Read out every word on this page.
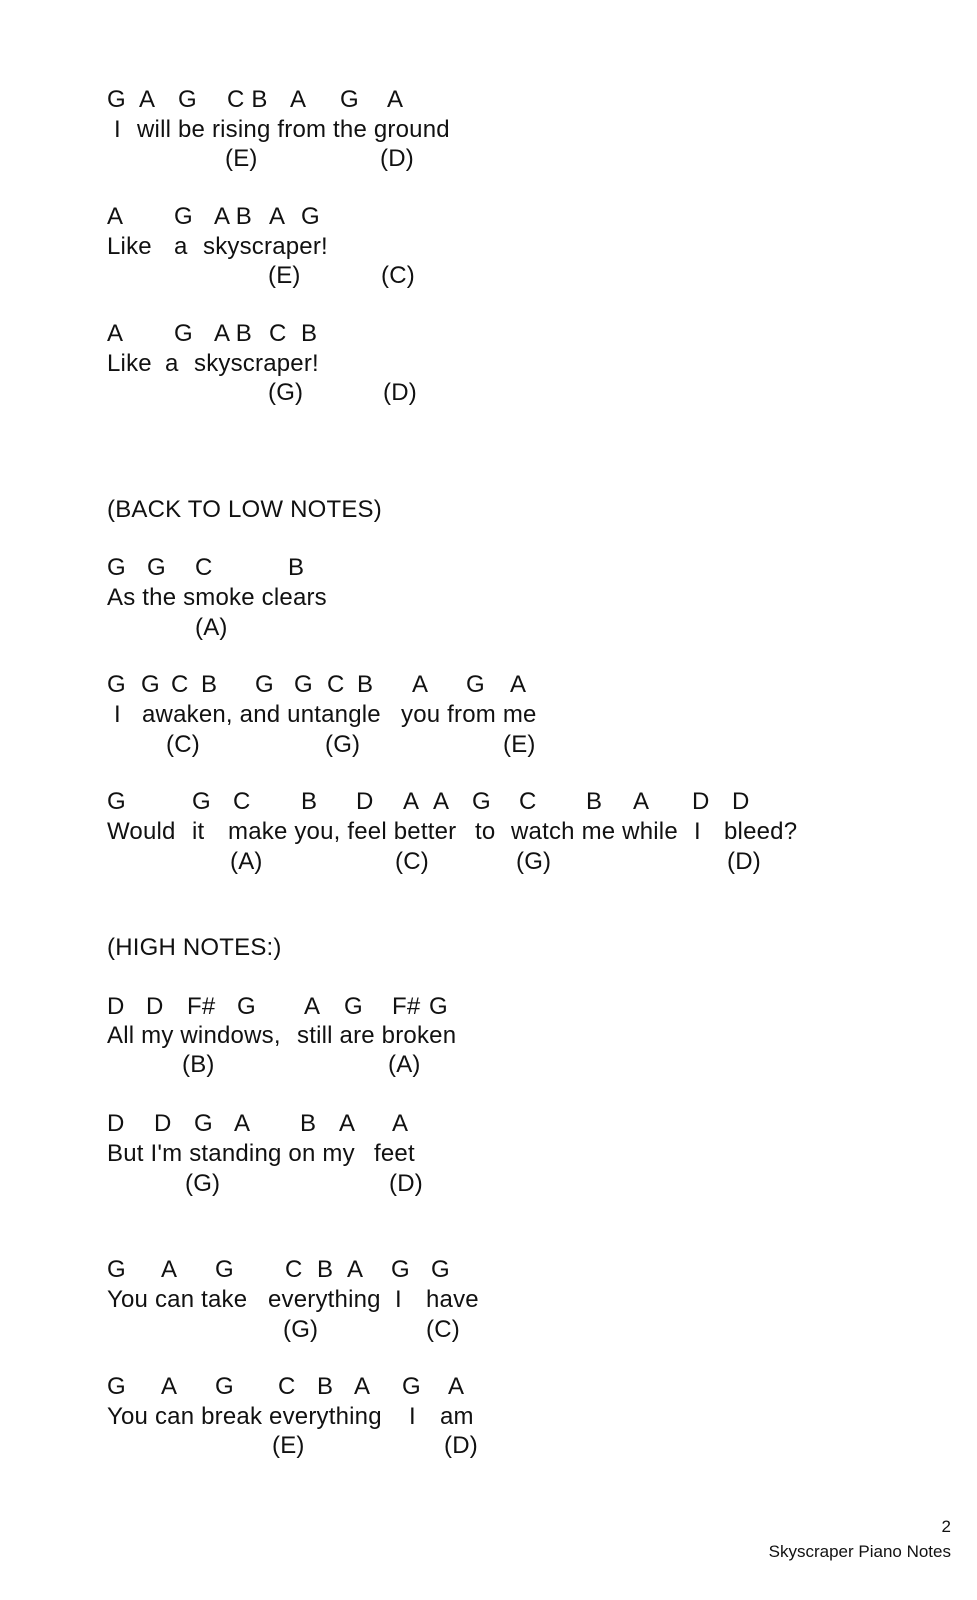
G A G C B A G A
I will be rising from the ground
(E)	(D)
A G A B A G
Like a skyscraper!
(E)	(C)
A G A B C B
Like a skyscraper!
(G)	(D)
(BACK TO LOW NOTES)
G G C	B
As the smoke clears
(A)
G G C B G G C B A G A
I awaken, and untangle you from me
(C)	(G)	(E)
G	G C B D A A G C B A D D
Would it make you, feel better to watch me while I bleed?
(A)	(C)	(G)	(D)
(HIGH NOTES:)
D D F# G A G F# G
All my windows, still are broken
(B)	(A)
D D G A B A A
But I'm standing on my feet
(G)	(D)
G A G C B A G G
You can take everything I have
(G)	(C)
G A G C B A G A
You can break everything I am
(E)	(D)
2
Skyscraper Piano Notes
